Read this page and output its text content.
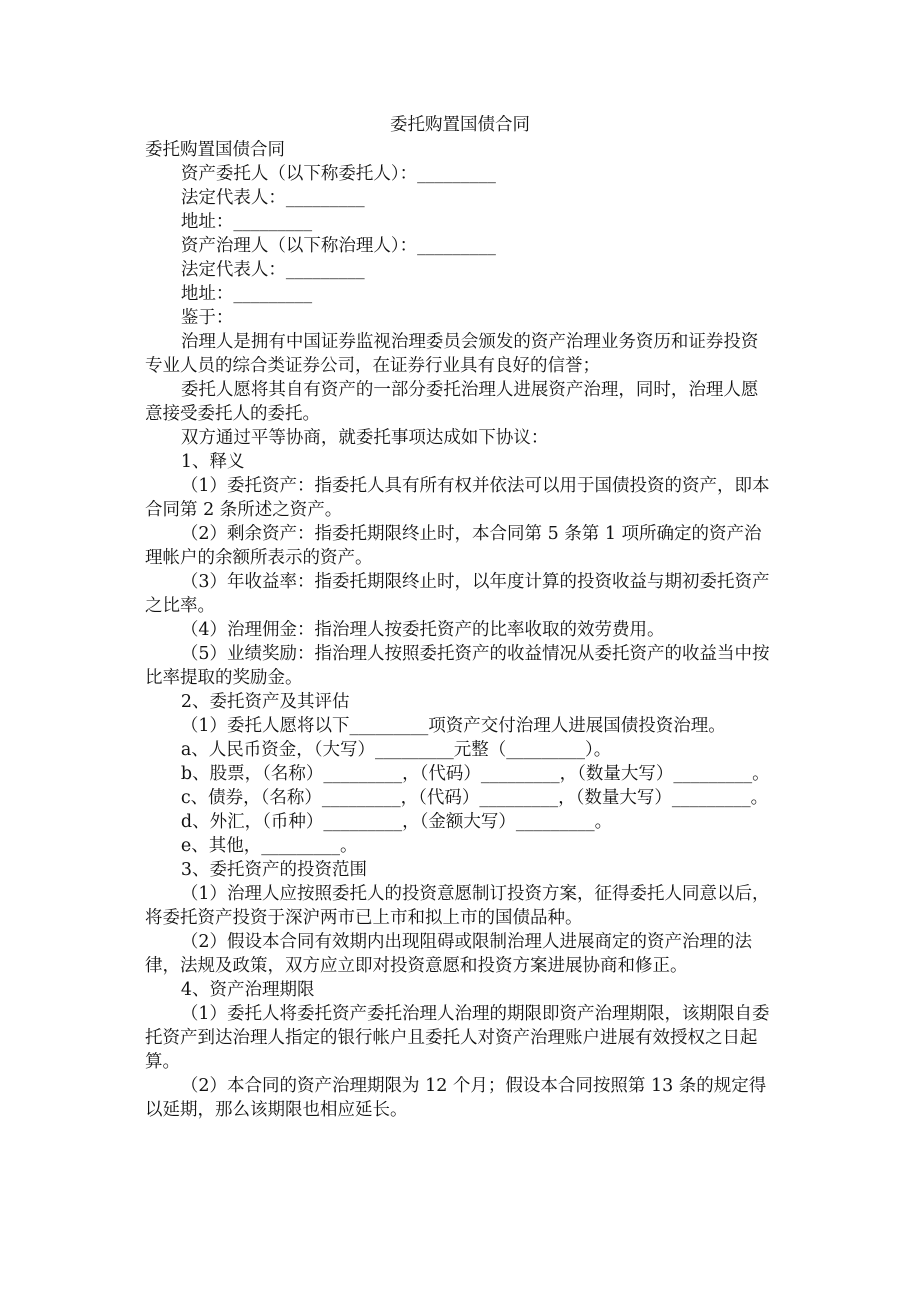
委托购置国债合同

委托购置国债合同

资产委托人（以下称委托人）：_________

法定代表人：_________

地址：_________

资产治理人（以下称治理人）：_________

法定代表人：_________

地址：_________

鉴于：

治理人是拥有中国证券监视治理委员会颁发的资产治理业务资历和证券投资专业人员的综合类证券公司，在证券行业具有良好的信誉；

委托人愿将其自有资产的一部分委托治理人进展资产治理，同时，治理人愿意接受委托人的委托。

双方通过平等协商，就委托事项达成如下协议：

1、释义

（1）委托资产：指委托人具有所有权并依法可以用于国债投资的资产，即本合同第 2 条所述之资产。

（2）剩余资产：指委托期限终止时，本合同第 5 条第 1 项所确定的资产治理帐户的余额所表示的资产。

（3）年收益率：指委托期限终止时，以年度计算的投资收益与期初委托资产之比率。

（4）治理佣金：指治理人按委托资产的比率收取的效劳费用。

（5）业绩奖励：指治理人按照委托资产的收益情况从委托资产的收益当中按比率提取的奖励金。

2、委托资产及其评估

（1）委托人愿将以下_________项资产交付治理人进展国债投资治理。

a、人民币资金，（大写）_________元整（_________）。

b、股票，（名称）_________，（代码）_________，（数量大写）_________。

c、债券，（名称）_________，（代码）_________，（数量大写）_________。

d、外汇，（币种）_________，（金额大写）_________。

e、其他，_________。

3、委托资产的投资范围

（1）治理人应按照委托人的投资意愿制订投资方案，征得委托人同意以后，将委托资产投资于深沪两市已上市和拟上市的国债品种。

（2）假设本合同有效期内出现阻碍或限制治理人进展商定的资产治理的法律，法规及政策，双方应立即对投资意愿和投资方案进展协商和修正。

4、资产治理期限

（1）委托人将委托资产委托治理人治理的期限即资产治理期限，该期限自委托资产到达治理人指定的银行帐户且委托人对资产治理账户进展有效授权之日起算。

（2）本合同的资产治理期限为 12 个月；假设本合同按照第 13 条的规定得以延期，那么该期限也相应延长。
